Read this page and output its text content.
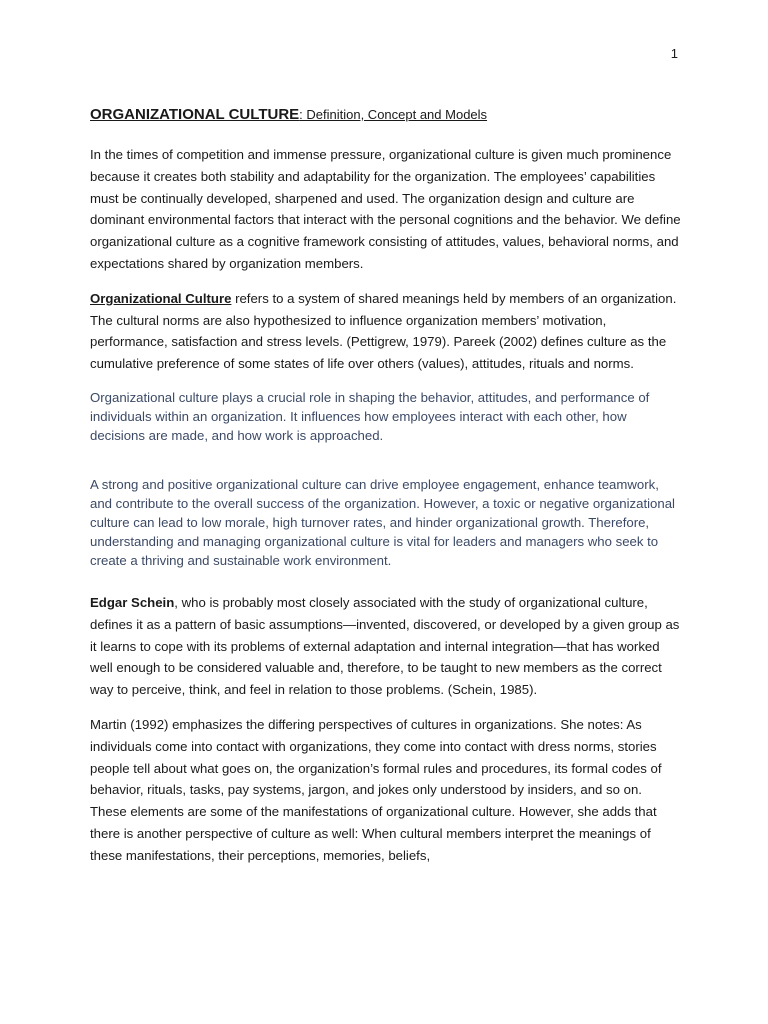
1
ORGANIZATIONAL CULTURE: Definition, Concept and Models

In the times of competition and immense pressure, organizational culture is given much prominence because it creates both stability and adaptability for the organization. The employees’ capabilities must be continually developed, sharpened and used. The organization design and culture are dominant environmental factors that interact with the personal cognitions and the behavior. We define organizational culture as a cognitive framework consisting of attitudes, values, behavioral norms, and expectations shared by organization members.

Organizational Culture refers to a system of shared meanings held by members of an organization. The cultural norms are also hypothesized to influence organization members’ motivation, performance, satisfaction and stress levels. (Pettigrew, 1979). Pareek (2002) defines culture as the cumulative preference of some states of life over others (values), attitudes, rituals and norms.

Organizational culture plays a crucial role in shaping the behavior, attitudes, and performance of individuals within an organization. It influences how employees interact with each other, how decisions are made, and how work is approached.

A strong and positive organizational culture can drive employee engagement, enhance teamwork, and contribute to the overall success of the organization. However, a toxic or negative organizational culture can lead to low morale, high turnover rates, and hinder organizational growth. Therefore, understanding and managing organizational culture is vital for leaders and managers who seek to create a thriving and sustainable work environment.

Edgar Schein, who is probably most closely associated with the study of organizational culture, defines it as a pattern of basic assumptions—invented, discovered, or developed by a given group as it learns to cope with its problems of external adaptation and internal integration—that has worked well enough to be considered valuable and, therefore, to be taught to new members as the correct way to perceive, think, and feel in relation to those problems. (Schein, 1985).

Martin (1992) emphasizes the differing perspectives of cultures in organizations. She notes: As individuals come into contact with organizations, they come into contact with dress norms, stories people tell about what goes on, the organization’s formal rules and procedures, its formal codes of behavior, rituals, tasks, pay systems, jargon, and jokes only understood by insiders, and so on. These elements are some of the manifestations of organizational culture. However, she adds that there is another perspective of culture as well: When cultural members interpret the meanings of these manifestations, their perceptions, memories, beliefs,
